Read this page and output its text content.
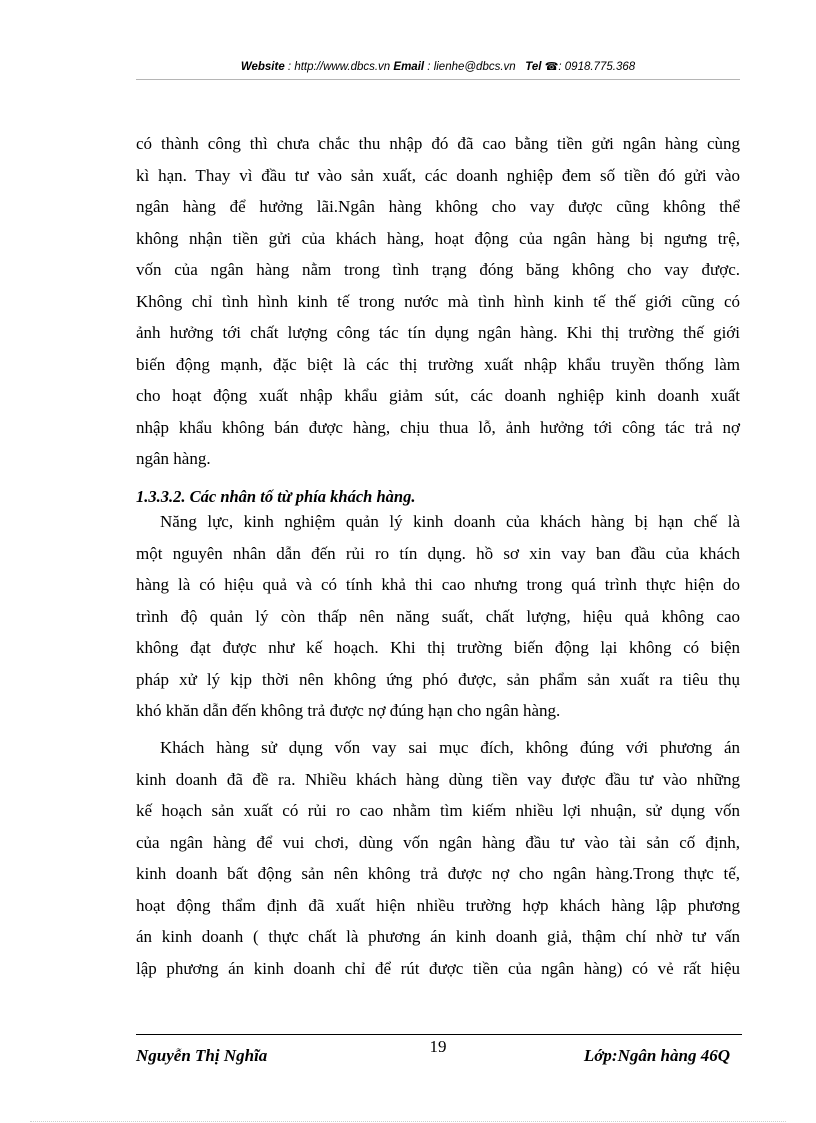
Website : http://www.dbcs.vn Email : lienhe@dbcs.vn Tel ☎: 0918.775.368
có thành công thì chưa chắc thu nhập đó đã cao bằng tiền gửi ngân hàng cùng
kì hạn. Thay vì đầu tư vào sản xuất, các doanh nghiệp đem số tiền đó gửi vào
ngân hàng để hưởng lãi.Ngân hàng không cho vay được cũng không thể
không nhận tiền gửi của khách hàng, hoạt động của ngân hàng bị ngưng trệ,
vốn của ngân hàng nằm trong tình trạng đóng băng không cho vay được.
Không chỉ tình hình kinh tế trong nước mà tình hình kinh tế thế giới cũng có
ảnh hưởng tới chất lượng công tác tín dụng ngân hàng. Khi thị trường thế giới
biến động mạnh, đặc biệt là các thị trường xuất nhập khẩu truyền thống làm
cho hoạt động xuất nhập khẩu giảm sút, các doanh nghiệp kinh doanh xuất
nhập khẩu không bán được hàng, chịu thua lỗ, ảnh hưởng tới công tác trả nợ
ngân hàng.
1.3.3.2. Các nhân tố từ phía khách hàng.
Năng lực, kinh nghiệm quản lý kinh doanh của khách hàng bị hạn chế là
một nguyên nhân dẫn đến rủi ro tín dụng. hồ sơ xin vay ban đầu của khách
hàng là có hiệu quả và có tính khả thi cao nhưng trong quá trình thực hiện do
trình độ quản lý còn thấp nên năng suất, chất lượng, hiệu quả không cao
không đạt được như kế hoạch. Khi thị trường biến động lại không có biện
pháp xử lý kịp thời nên không ứng phó được, sản phẩm sản xuất ra tiêu thụ
khó khăn dẫn đến không trả được nợ đúng hạn cho ngân hàng.
Khách hàng sử dụng vốn vay sai mục đích, không đúng với phương án
kinh doanh đã đề ra. Nhiều khách hàng dùng tiền vay được đầu tư vào những
kế hoạch sản xuất có rủi ro cao nhằm tìm kiếm nhiều lợi nhuận, sử dụng vốn
của ngân hàng để vui chơi, dùng vốn ngân hàng đầu tư vào tài sản cố định,
kinh doanh bất động sản nên không trả được nợ cho ngân hàng.Trong thực tế,
hoạt động thẩm định đã xuất hiện nhiều trường hợp khách hàng lập phương
án kinh doanh ( thực chất là phương án kinh doanh giả, thậm chí nhờ tư vấn
lập phương án kinh doanh chỉ để rút được tiền của ngân hàng) có vẻ rất hiệu
19
Nguyễn Thị Nghĩa	Lớp:Ngân hàng 46Q
